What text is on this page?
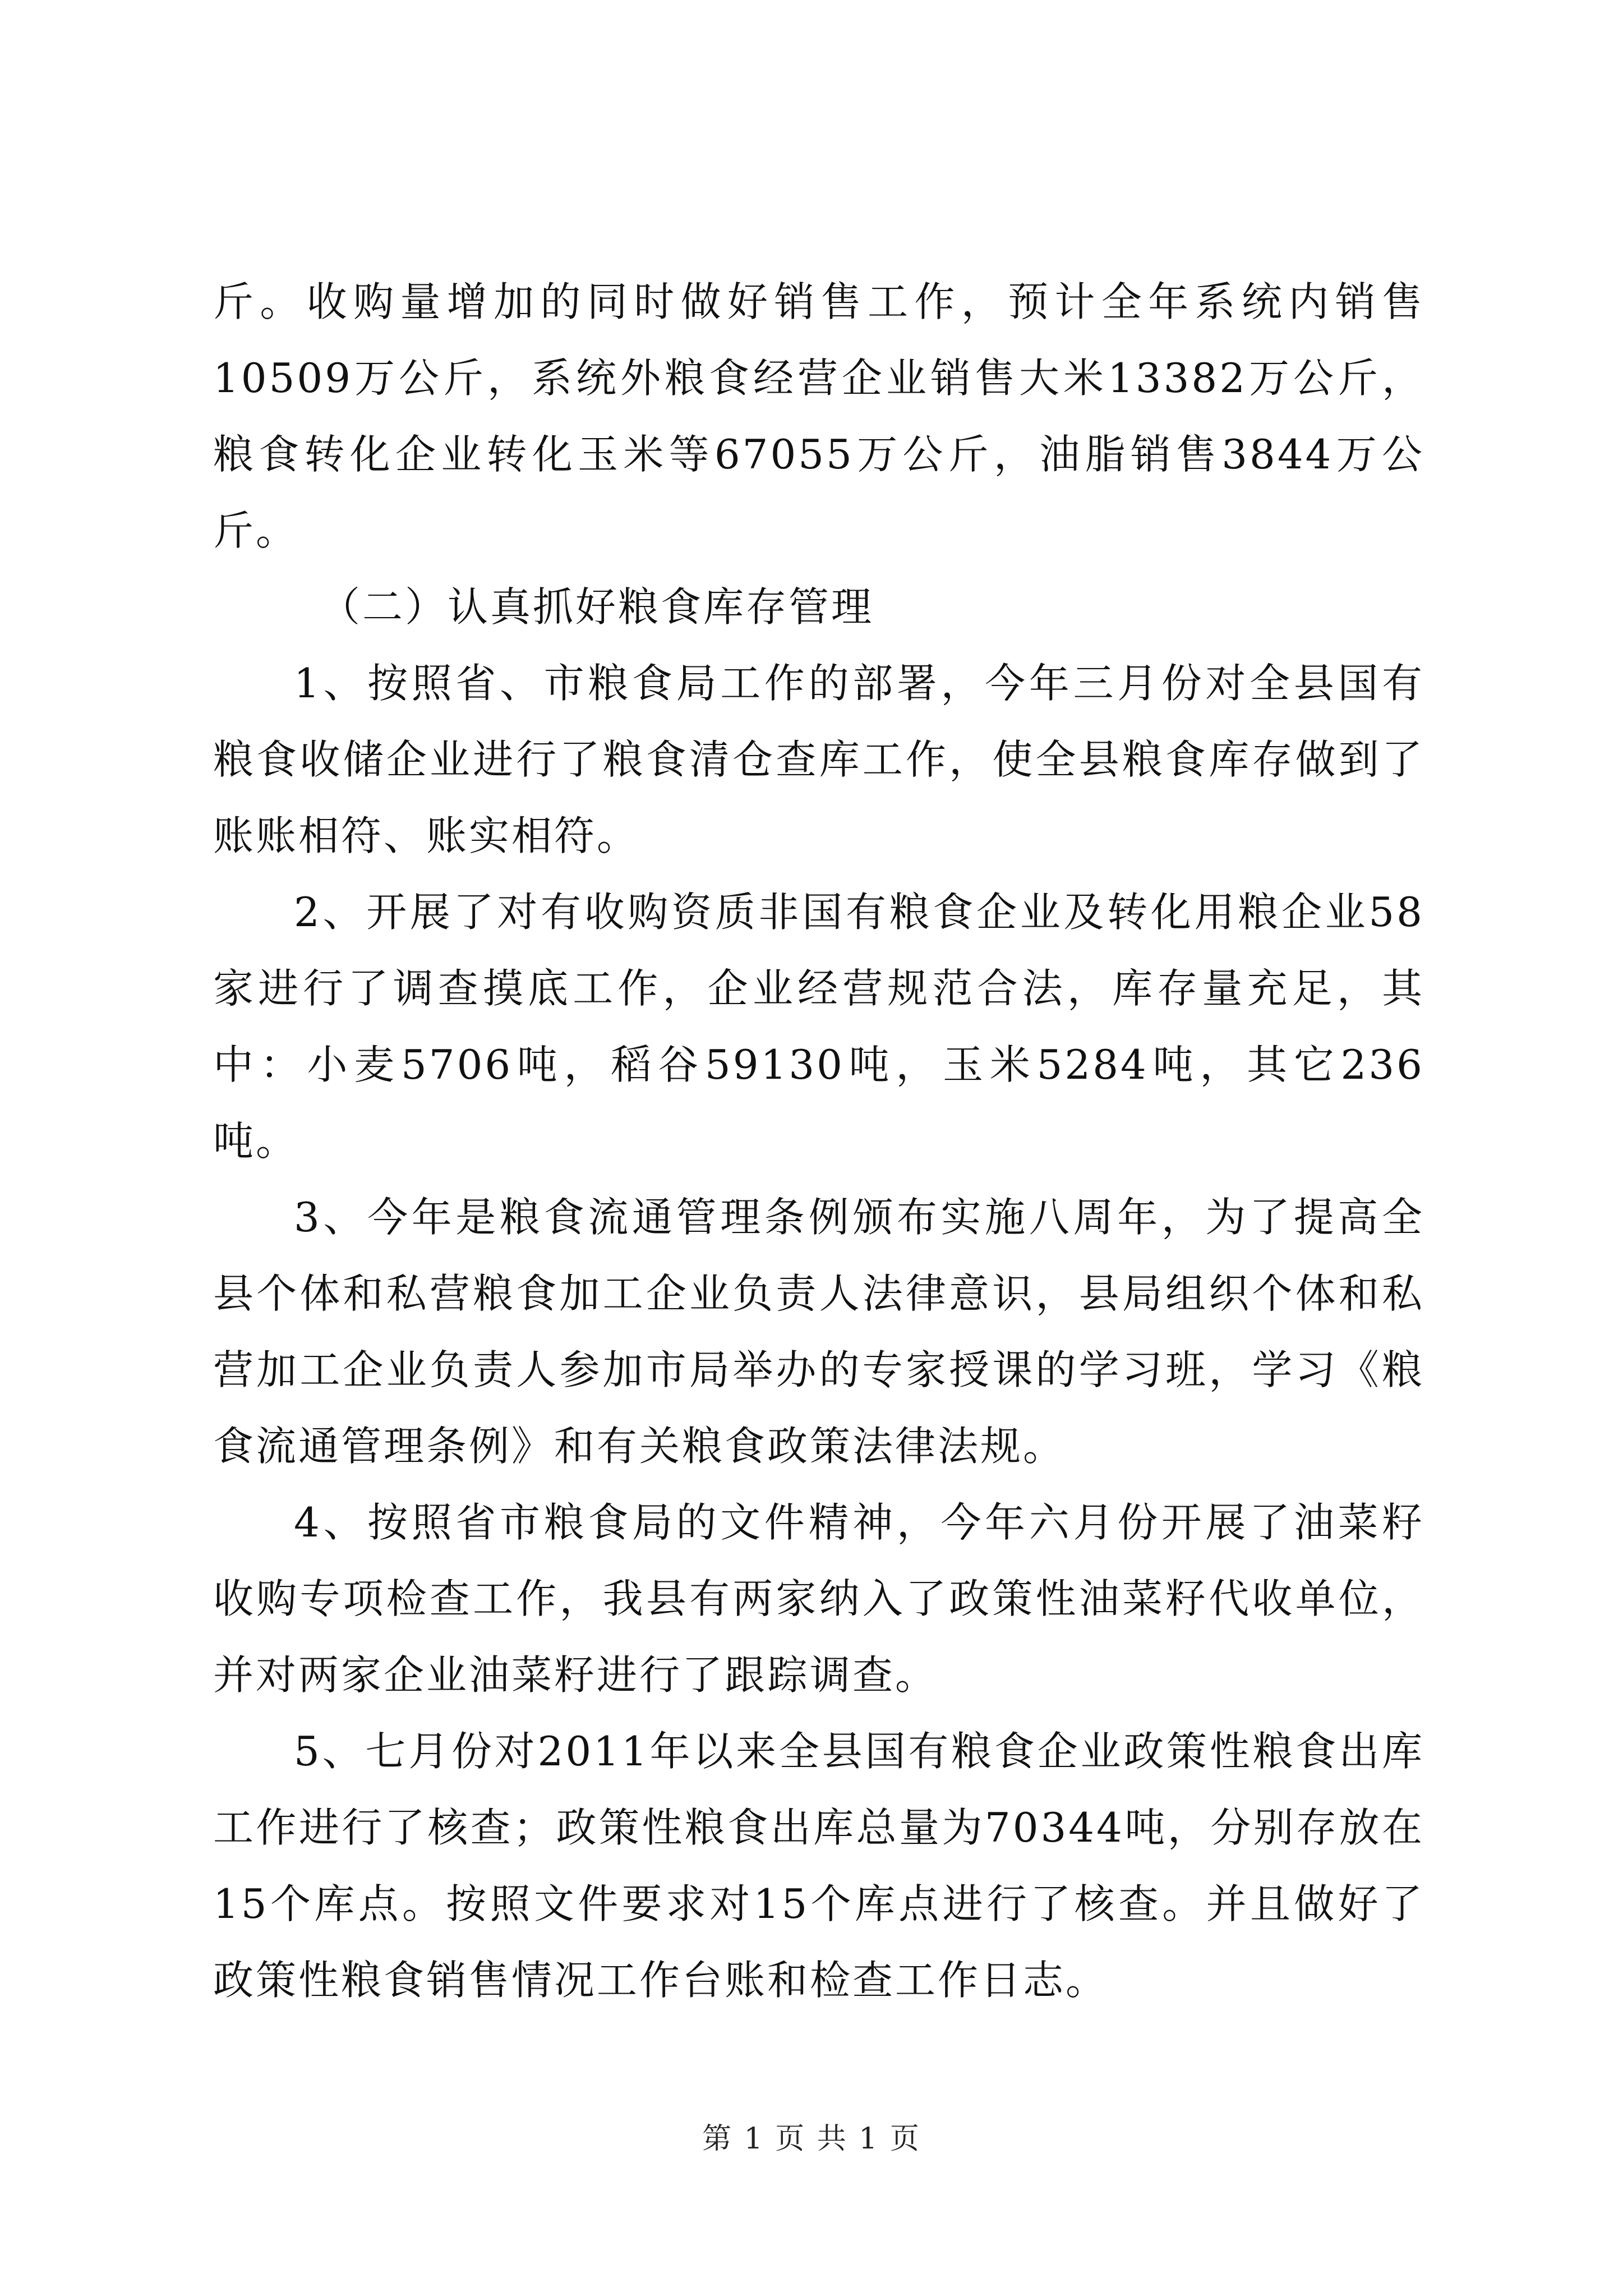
斤。收购量增加的同时做好销售工作，预计全年系统内销售10509万公斤，系统外粮食经营企业销售大米13382万公斤，粮食转化企业转化玉米等67055万公斤，油脂销售3844万公斤。

（二）认真抓好粮食库存管理

1、按照省、市粮食局工作的部署，今年三月份对全县国有粮食收储企业进行了粮食清仓查库工作，使全县粮食库存做到了账账相符、账实相符。

2、开展了对有收购资质非国有粮食企业及转化用粮企业58家进行了调查摸底工作，企业经营规范合法，库存量充足，其中：小麦5706吨，稻谷59130吨，玉米5284吨，其它236吨。

3、今年是粮食流通管理条例颁布实施八周年，为了提高全县个体和私营粮食加工企业负责人法律意识，县局组织个体和私营加工企业负责人参加市局举办的专家授课的学习班，学习《粮食流通管理条例》和有关粮食政策法律法规。

4、按照省市粮食局的文件精神，今年六月份开展了油菜籽收购专项检查工作，我县有两家纳入了政策性油菜籽代收单位，并对两家企业油菜籽进行了跟踪调查。

5、七月份对2011年以来全县国有粮食企业政策性粮食出库工作进行了核查；政策性粮食出库总量为70344吨，分别存放在15个库点。按照文件要求对15个库点进行了核查。并且做好了政策性粮食销售情况工作台账和检查工作日志。

第 1 页 共 1 页
